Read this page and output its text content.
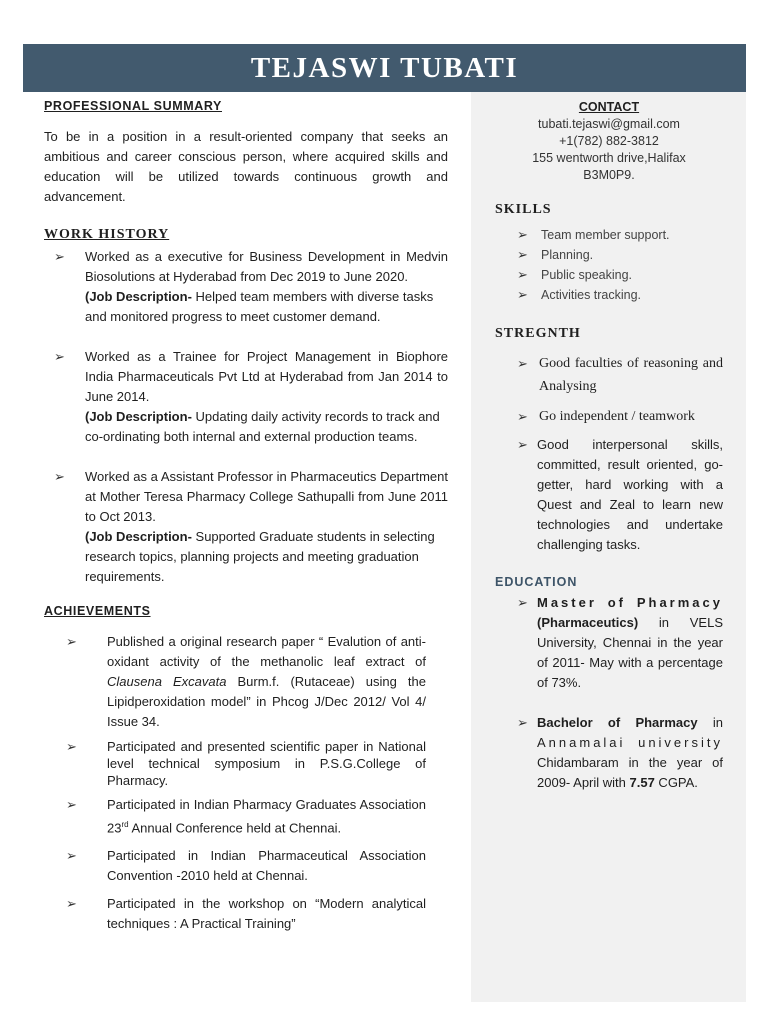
TEJASWI TUBATI
PROFESSIONAL SUMMARY

To be in a position in a result-oriented company that seeks an ambitious and career conscious person, where acquired skills and education will be utilized towards continuous growth and advancement.

WORK HISTORY
➢ Worked as a executive for Business Development in Medvin Biosolutions at Hyderabad from Dec 2019 to June 2020.
(Job Description- Helped team members with diverse tasks and monitored progress to meet customer demand.
➢ Worked as a Trainee for Project Management in Biophore India Pharmaceuticals Pvt Ltd at Hyderabad from Jan 2014 to June 2014.
(Job Description- Updating daily activity records to track and co-ordinating both internal and external production teams.
➢ Worked as a Assistant Professor in Pharmaceutics Department at Mother Teresa Pharmacy College Sathupalli from June 2011 to Oct 2013.
(Job Description- Supported Graduate students in selecting research topics, planning projects and meeting graduation requirements.
ACHIEVEMENTS
➢ Published a original research paper “ Evalution of anti-oxidant activity of the methanolic leaf extract of Clausena Excavata Burm.f. (Rutaceae) using the Lipidperoxidation model” in Phcog J/Dec 2012/ Vol 4/ Issue 34.
➢ Participated and presented scientific paper in National level technical symposium in P.S.G.College of Pharmacy.
➢ Participated in Indian Pharmacy Graduates Association 23rd Annual Conference held at Chennai.
➢ Participated in Indian Pharmaceutical Association Convention -2010 held at Chennai.
➢ Participated in the workshop on “Modern analytical techniques : A Practical Training”
CONTACT
tubati.tejaswi@gmail.com
+1(782) 882-3812
155 wentworth drive,Halifax
B3M0P9.
SKILLS
➢ Team member support.
➢ Planning.
➢ Public speaking.
➢ Activities tracking.
STREGNTH
➢ Good faculties of reasoning and Analysing
➢ Go independent / teamwork
➢ Good interpersonal skills, committed, result oriented, go-getter, hard working with a Quest and Zeal to learn new technologies and undertake challenging tasks.
EDUCATION
➢ Master of Pharmacy (Pharmaceutics) in VELS University, Chennai in the year of 2011- May with a percentage of 73%.
➢ Bachelor of Pharmacy in Annamalai university Chidambaram in the year of 2009- April with 7.57 CGPA.
